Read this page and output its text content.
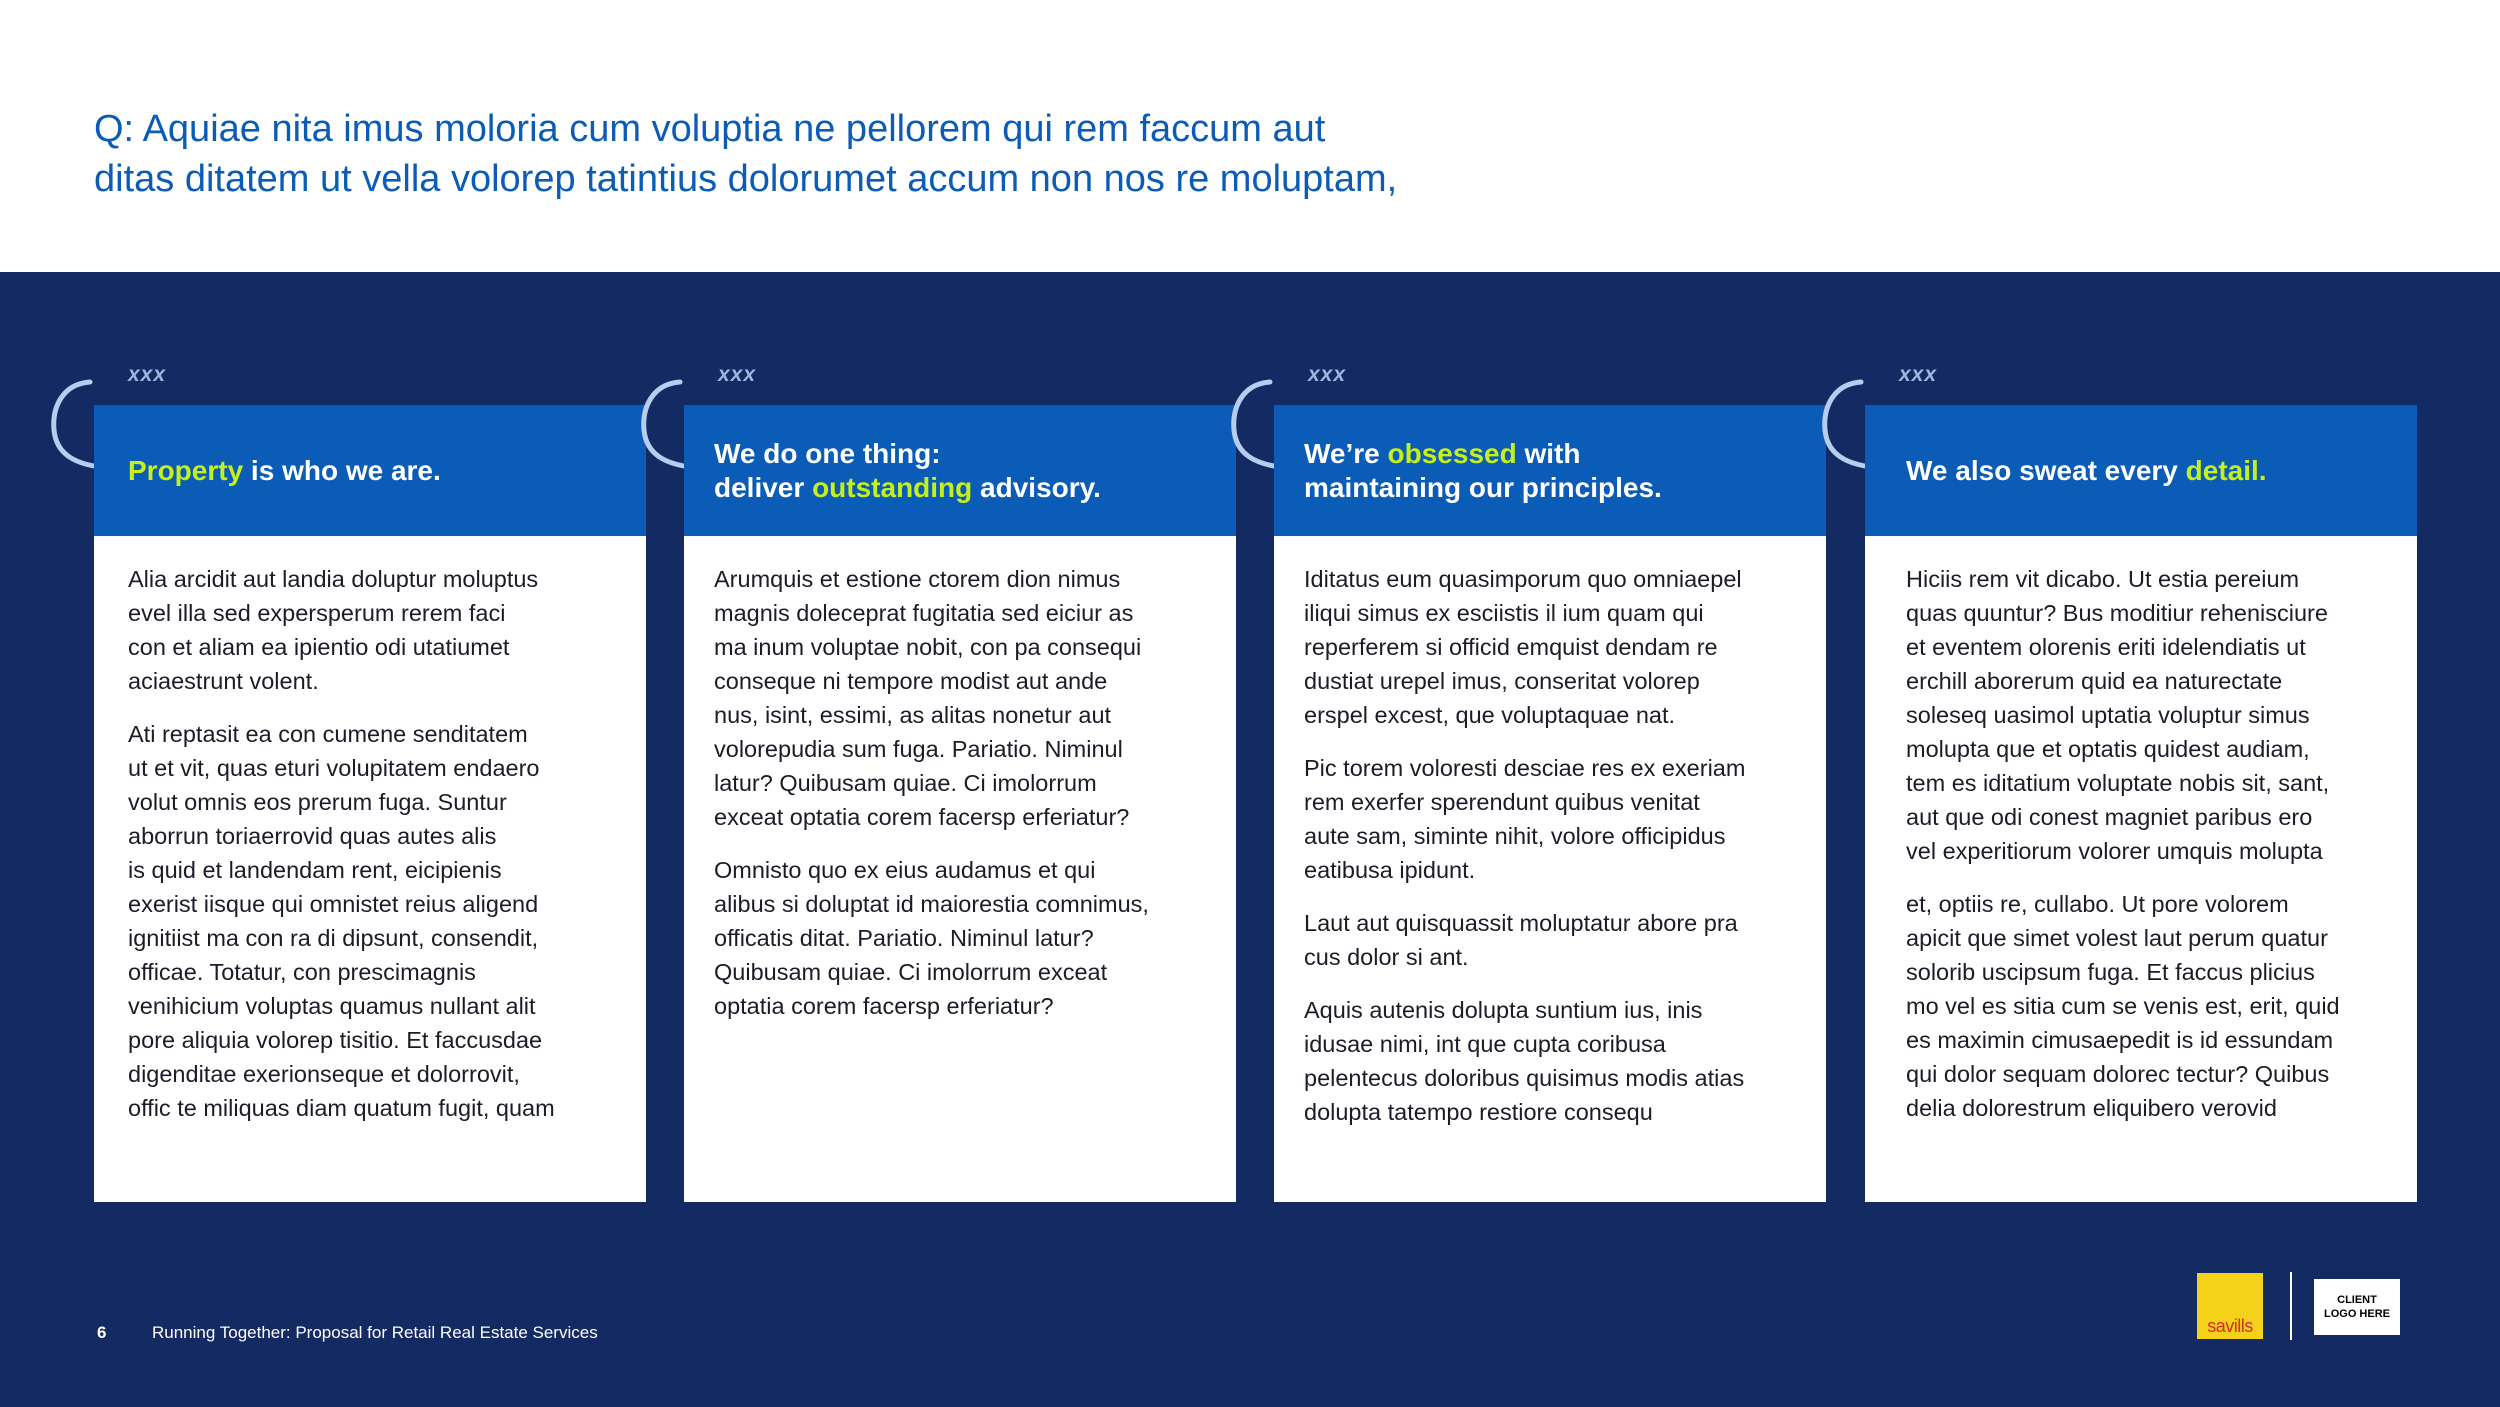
Q: Aquiae nita imus moloria cum voluptia ne pellorem qui rem faccum aut
ditas ditatem ut vella volorep tatintius dolorumet accum non nos re moluptam,
xxx
Property is who we are.

Alia arcidit aut landia doluptur moluptus
evel illa sed expersperum rerem faci
con et aliam ea ipientio odi utatiumet
aciaestrunt volent.

Ati reptasit ea con cumene senditatem
ut et vit, quas eturi volupitatem endaero
volut omnis eos prerum fuga. Suntur
aborrun toriaerrovid quas autes alis
is quid et landendam rent, eicipienis
exerist iisque qui omnistet reius aligend
ignitiist ma con ra di dipsunt, consendit,
officae. Totatur, con prescimagnis
venihicium voluptas quamus nullant alit
pore aliquia volorep tisitio. Et faccusdae
digenditae exerionseque et dolorrovit,
offic te miliquas diam quatum fugit, quam

xxx
We do one thing:
deliver outstanding advisory.

Arumquis et estione ctorem dion nimus
magnis doleceprat fugitatia sed eiciur as
ma inum voluptae nobit, con pa consequi
conseque ni tempore modist aut ande
nus, isint, essimi, as alitas nonetur aut
volorepudia sum fuga. Pariatio. Niminul
latur? Quibusam quiae. Ci imolorrum
exceat optatia corem facersp erferiatur?

Omnisto quo ex eius audamus et qui
alibus si doluptat id maiorestia comnimus,
officatis ditat. Pariatio. Niminul latur?
Quibusam quiae. Ci imolorrum exceat
optatia corem facersp erferiatur?

xxx
We’re obsessed with
maintaining our principles.

Iditatus eum quasimporum quo omniaepel
iliqui simus ex esciistis il ium quam qui
reperferem si officid emquist dendam re
dustiat urepel imus, conseritat volorep
erspel excest, que voluptaquae nat.

Pic torem voloresti desciae res ex exeriam
rem exerfer sperendunt quibus venitat
aute sam, siminte nihit, volore officipidus
eatibusa ipidunt.

Laut aut quisquassit moluptatur abore pra
cus dolor si ant.

Aquis autenis dolupta suntium ius, inis
idusae nimi, int que cupta coribusa
pelentecus doloribus quisimus modis atias
dolupta tatempo restiore consequ

xxx
We also sweat every detail.

Hiciis rem vit dicabo. Ut estia pereium
quas quuntur? Bus moditiur rehenisciure
et eventem olorenis eriti idelendiatis ut
erchill aborerum quid ea naturectate
soleseq uasimol uptatia voluptur simus
molupta que et optatis quidest audiam,
tem es iditatium voluptate nobis sit, sant,
aut que odi conest magniet paribus ero
vel experitiorum volorer umquis molupta

et, optiis re, cullabo. Ut pore volorem
apicit que simet volest laut perum quatur
solorib uscipsum fuga. Et faccus plicius
mo vel es sitia cum se venis est, erit, quid
es maximin cimusaepedit is id essundam
qui dolor sequam dolorec tectur? Quibus
delia dolorestrum eliquibero verovid

6	Running Together: Proposal for Retail Real Estate Services	savills
CLIENT
LOGO HERE
